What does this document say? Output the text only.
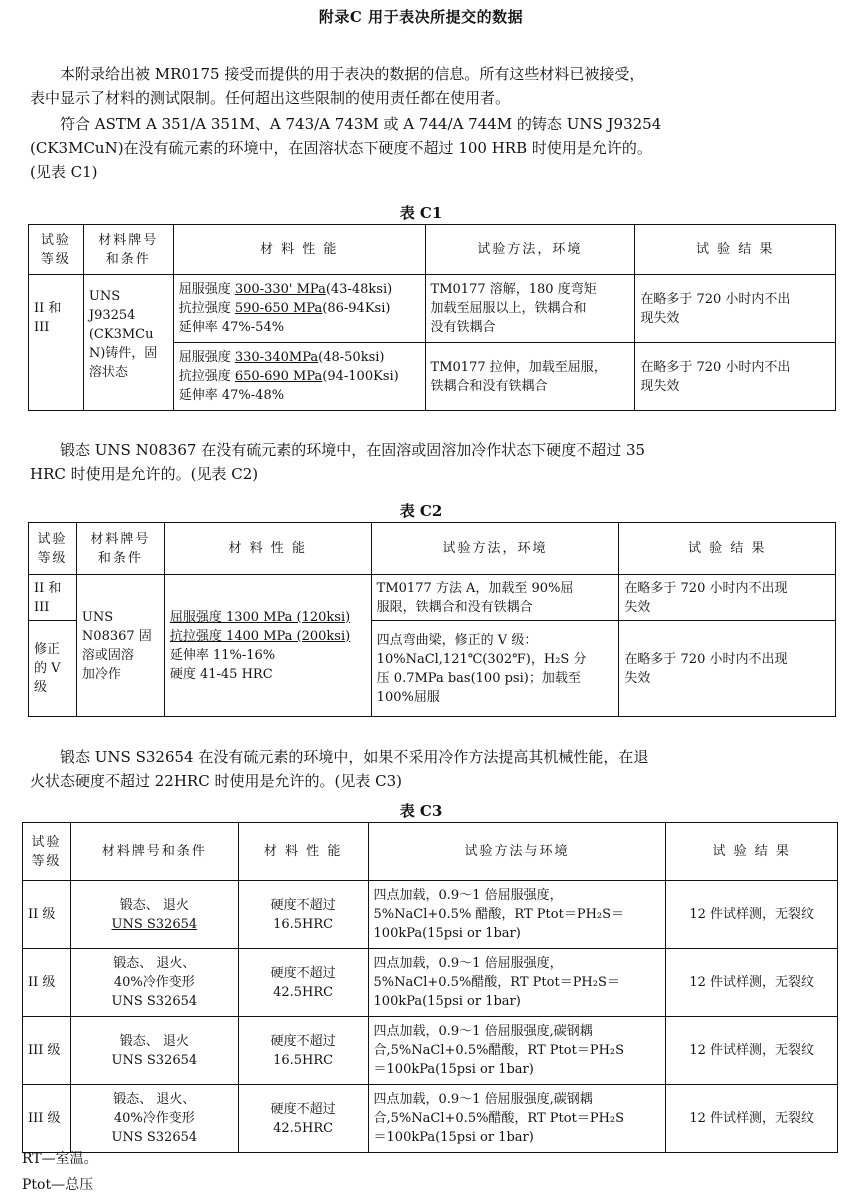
附录C 用于表决所提交的数据
本附录给出被 MR0175 接受而提供的用于表决的数据的信息。所有这些材料已被接受，
表中显示了材料的测试限制。任何超出这些限制的使用责任都在使用者。
符合 ASTM A 351/A 351M、A 743/A 743M 或 A 744/A 744M 的铸态 UNS J93254
(CK3MCuN)在没有硫元素的环境中，在固溶状态下硬度不超过 100 HRB 时使用是允许的。
(见表 C1)
表 C1
试验
等级	材料牌号
和条件	材 料 性 能	试验方法，环境	试 验 结 果

II 和
III	UNS
J93254
(CK3MCu
N)铸件，固
溶状态	屈服强度 300-330' MPa(43-48ksi)
抗拉强度 590-650 MPa(86-94Ksi)
延伸率 47%-54%	TM0177 溶解，180 度弯矩
加载至屈服以上，铁耦合和
没有铁耦合	在略多于 720 小时内不出
现失效

		屈服强度 330-340MPa(48-50ksi)
抗拉强度 650-690 MPa(94-100Ksi)
延伸率 47%-48%	TM0177 拉伸，加载至屈服，
铁耦合和没有铁耦合	在略多于 720 小时内不出
现失效
锻态 UNS N08367 在没有硫元素的环境中，在固溶或固溶加冷作状态下硬度不超过 35
HRC 时使用是允许的。(见表 C2)
表 C2
试验
等级	材料牌号
和条件	材 料 性 能	试验方法，环境	试 验 结 果

II 和
III	UNS
N08367 固
溶或固溶
加冷作	屈服强度 1300 MPa (120ksi)
抗拉强度 1400 MPa (200ksi)
延伸率 11%-16%
硬度 41-45 HRC	TM0177 方法 A，加载至 90%屈
服限，铁耦合和没有铁耦合	在略多于 720 小时内不出现
失效

修正
的 V
级			四点弯曲梁，修正的 V 级：
10%NaCl,121℃(302℉)，H₂S 分
压 0.7MPa bas(100 psi)；加载至
100%屈服	在略多于 720 小时内不出现
失效
锻态 UNS S32654 在没有硫元素的环境中，如果不采用冷作方法提高其机械性能，在退
火状态硬度不超过 22HRC 时使用是允许的。(见表 C3)
表 C3
试验
等级	材料牌号和条件	材 料 性 能	试验方法与环境	试 验 结 果
II 级	锻态、 退火
UNS S32654	硬度不超过
16.5HRC	四点加载，0.9～1 倍屈服强度，
5%NaCl+0.5% 醋酸，RT Ptot＝PH₂S＝
100kPa(15psi or 1bar)	12 件试样测，无裂纹
II 级	锻态、 退火、
40%冷作变形
UNS S32654	硬度不超过
42.5HRC	四点加载，0.9～1 倍屈服强度，
5%NaCl+0.5%醋酸，RT Ptot＝PH₂S＝
100kPa(15psi or 1bar)	12 件试样测，无裂纹
III 级	锻态、 退火
UNS S32654	硬度不超过
16.5HRC	四点加载，0.9～1 倍屈服强度,碳钢耦
合,5%NaCl+0.5%醋酸，RT Ptot＝PH₂S
＝100kPa(15psi or 1bar)	12 件试样测，无裂纹
III 级	锻态、 退火、
40%冷作变形
UNS S32654	硬度不超过
42.5HRC	四点加载，0.9～1 倍屈服强度,碳钢耦
合,5%NaCl+0.5%醋酸，RT Ptot＝PH₂S
＝100kPa(15psi or 1bar)	12 件试样测，无裂纹
RT—室温。
Ptot—总压
